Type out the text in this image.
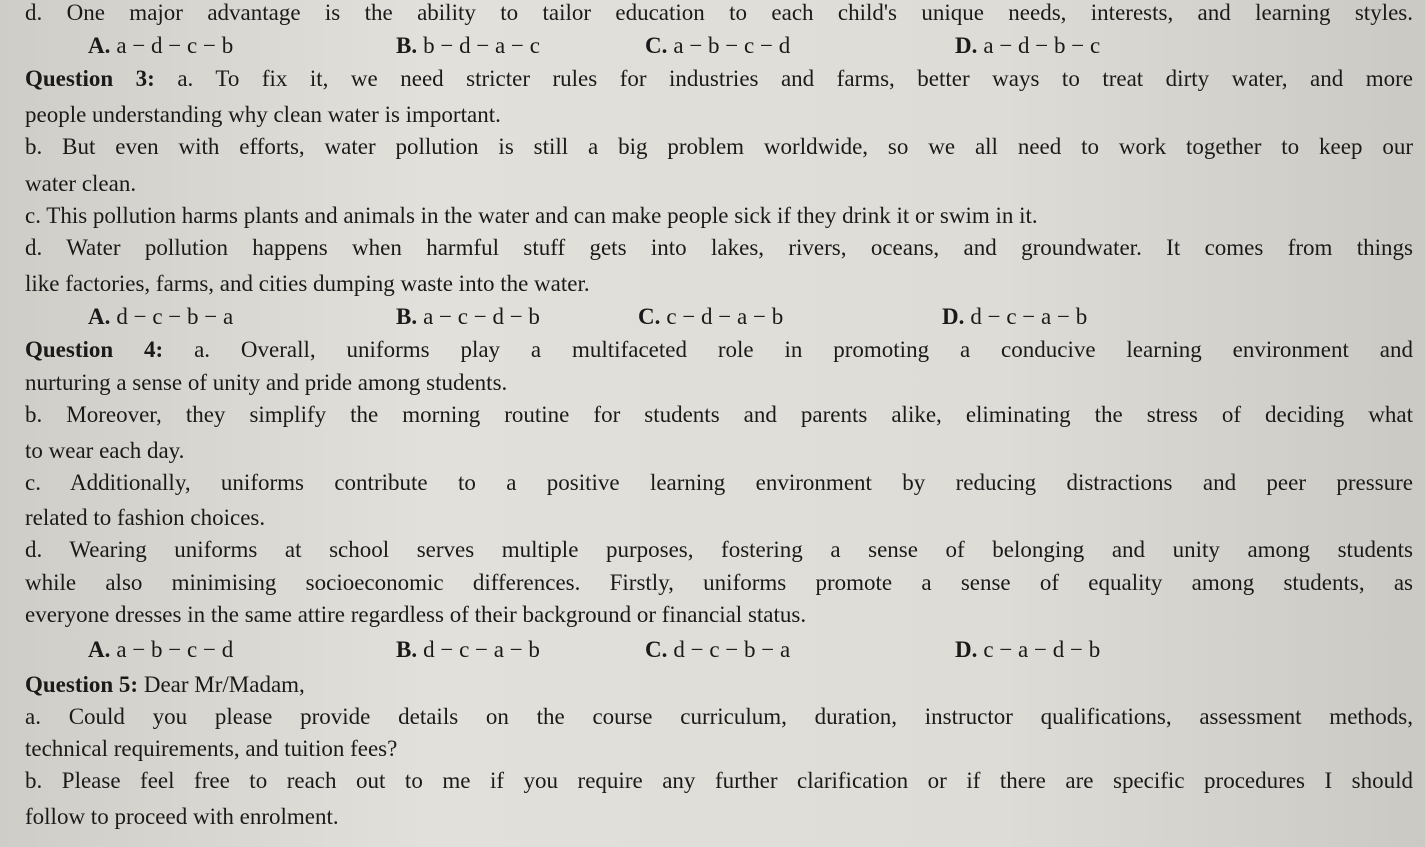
d. One major advantage is the ability to tailor education to each child's unique needs, interests, and learning styles.
A. a − d − c − b	B. b − d − a − c	C. a − b − c − d	D. a − d − b − c
Question 3: a. To fix it, we need stricter rules for industries and farms, better ways to treat dirty water, and more
people understanding why clean water is important.
b. But even with efforts, water pollution is still a big problem worldwide, so we all need to work together to keep our
water clean.
c. This pollution harms plants and animals in the water and can make people sick if they drink it or swim in it.
d. Water pollution happens when harmful stuff gets into lakes, rivers, oceans, and groundwater. It comes from things
like factories, farms, and cities dumping waste into the water.
A. d − c − b − a	B. a − c − d − b	C. c − d − a − b	D. d − c − a − b
Question 4: a. Overall, uniforms play a multifaceted role in promoting a conducive learning environment and
nurturing a sense of unity and pride among students.
b. Moreover, they simplify the morning routine for students and parents alike, eliminating the stress of deciding what
to wear each day.
c. Additionally, uniforms contribute to a positive learning environment by reducing distractions and peer pressure
related to fashion choices.
d. Wearing uniforms at school serves multiple purposes, fostering a sense of belonging and unity among students
while also minimising socioeconomic differences. Firstly, uniforms promote a sense of equality among students, as
everyone dresses in the same attire regardless of their background or financial status.
A. a − b − c − d	B. d − c − a − b	C. d − c − b − a	D. c − a − d − b
Question 5: Dear Mr/Madam,
a. Could you please provide details on the course curriculum, duration, instructor qualifications, assessment methods,
technical requirements, and tuition fees?
b. Please feel free to reach out to me if you require any further clarification or if there are specific procedures I should
follow to proceed with enrolment.
